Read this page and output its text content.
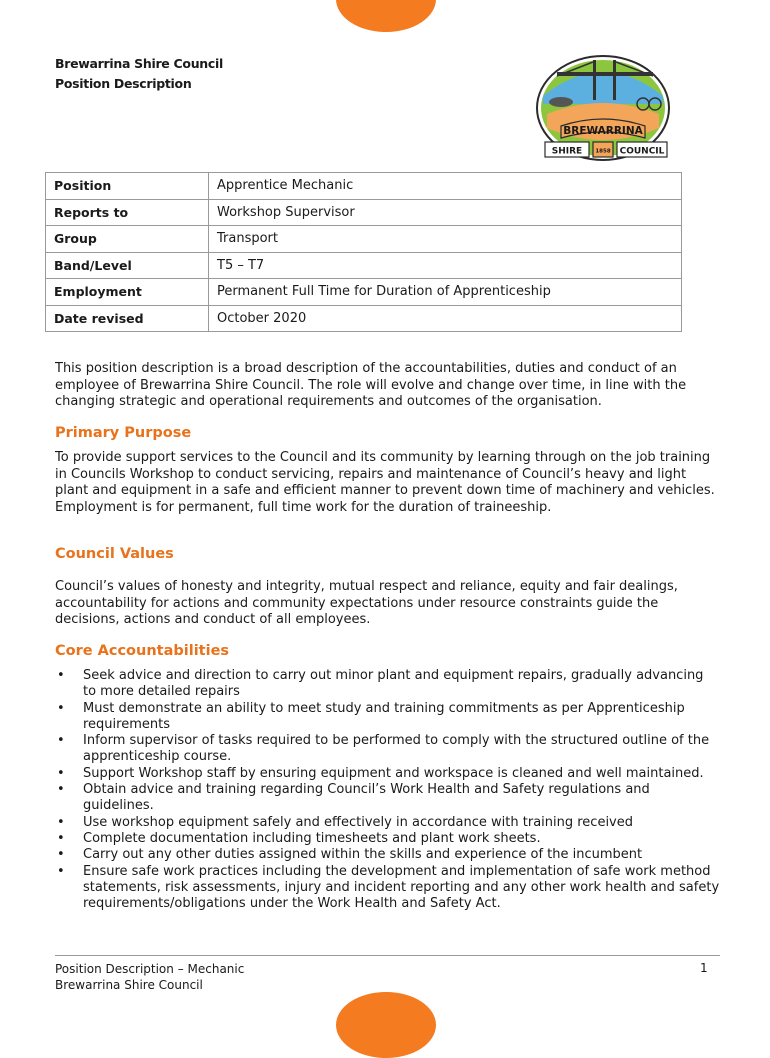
Brewarrina Shire Council
Position Description
BREWARRINA
SHIRE 1858 COUNCIL
Position	Apprentice Mechanic
Reports to	Workshop Supervisor
Group	Transport
Band/Level	T5 – T7
Employment	Permanent Full Time for Duration of Apprenticeship
Date revised	October 2020
This position description is a broad description of the accountabilities, duties and conduct of an employee of Brewarrina Shire Council. The role will evolve and change over time, in line with the changing strategic and operational requirements and outcomes of the organisation.
Primary Purpose
To provide support services to the Council and its community by learning through on the job training in Councils Workshop to conduct servicing, repairs and maintenance of Council’s heavy and light plant and equipment in a safe and efficient manner to prevent down time of machinery and vehicles. Employment is for permanent, full time work for the duration of traineeship.
Council Values
Council’s values of honesty and integrity, mutual respect and reliance, equity and fair dealings, accountability for actions and community expectations under resource constraints guide the decisions, actions and conduct of all employees.
Core Accountabilities
• Seek advice and direction to carry out minor plant and equipment repairs, gradually advancing to more detailed repairs
• Must demonstrate an ability to meet study and training commitments as per Apprenticeship requirements
• Inform supervisor of tasks required to be performed to comply with the structured outline of the apprenticeship course.
• Support Workshop staff by ensuring equipment and workspace is cleaned and well maintained.
• Obtain advice and training regarding Council’s Work Health and Safety regulations and guidelines.
• Use workshop equipment safely and effectively in accordance with training received
• Complete documentation including timesheets and plant work sheets.
• Carry out any other duties assigned within the skills and experience of the incumbent
• Ensure safe work practices including the development and implementation of safe work method statements, risk assessments, injury and incident reporting and any other work health and safety requirements/obligations under the Work Health and Safety Act.
Position Description – Mechanic
Brewarrina Shire Council
1
